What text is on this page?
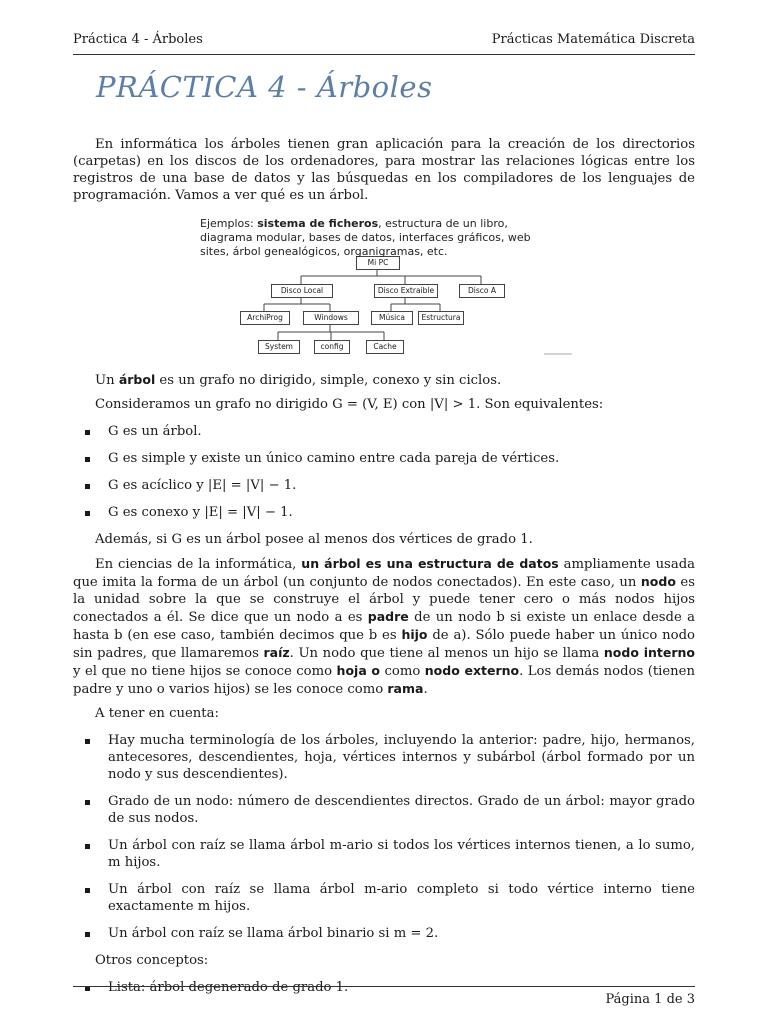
Práctica 4 - Árboles	Prácticas Matemática Discreta
PRÁCTICA 4 - Árboles

En informática los árboles tienen gran aplicación para la creación de los directorios (carpetas) en los discos de los ordenadores, para mostrar las relaciones lógicas entre los registros de una base de datos y las búsquedas en los compiladores de los lenguajes de programación. Vamos a ver qué es un árbol.

Mi PC
Disco Local	Disco Extraible	Disco A
ArchiProg	Windows	Música	Estructura
System	config	Cache

Un árbol es un grafo no dirigido, simple, conexo y sin ciclos.

Consideramos un grafo no dirigido G = (V, E) con |V| > 1. Son equivalentes:

G es un árbol.
G es simple y existe un único camino entre cada pareja de vértices.
G es acíclico y |E| = |V| − 1.
G es conexo y |E| = |V| − 1.

Además, si G es un árbol posee al menos dos vértices de grado 1.

En ciencias de la informática, un árbol es una estructura de datos ampliamente usada que imita la forma de un árbol (un conjunto de nodos conectados). En este caso, un nodo es la unidad sobre la que se construye el árbol y puede tener cero o más nodos hijos conectados a él. Se dice que un nodo a es padre de un nodo b si existe un enlace desde a hasta b (en ese caso, también decimos que b es hijo de a). Sólo puede haber un único nodo sin padres, que llamaremos raíz. Un nodo que tiene al menos un hijo se llama nodo interno y el que no tiene hijos se conoce como hoja o como nodo externo. Los demás nodos (tienen padre y uno o varios hijos) se les conoce como rama.

A tener en cuenta:

Hay mucha terminología de los árboles, incluyendo la anterior: padre, hijo, hermanos, antecesores, descendientes, hoja, vértices internos y subárbol (árbol formado por un nodo y sus descendientes).
Grado de un nodo: número de descendientes directos. Grado de un árbol: mayor grado de sus nodos.
Un árbol con raíz se llama árbol m-ario si todos los vértices internos tienen, a lo sumo, m hijos.
Un árbol con raíz se llama árbol m-ario completo si todo vértice interno tiene exactamente m hijos.
Un árbol con raíz se llama árbol binario si m = 2.

Otros conceptos:

Lista: árbol degenerado de grado 1.
Página 1 de 3
Ejemplos: sistema de ficheros, estructura de un libro, diagrama modular, bases de datos, interfaces gráficos, web sites, árbol genealógicos, organigramas, etc.
